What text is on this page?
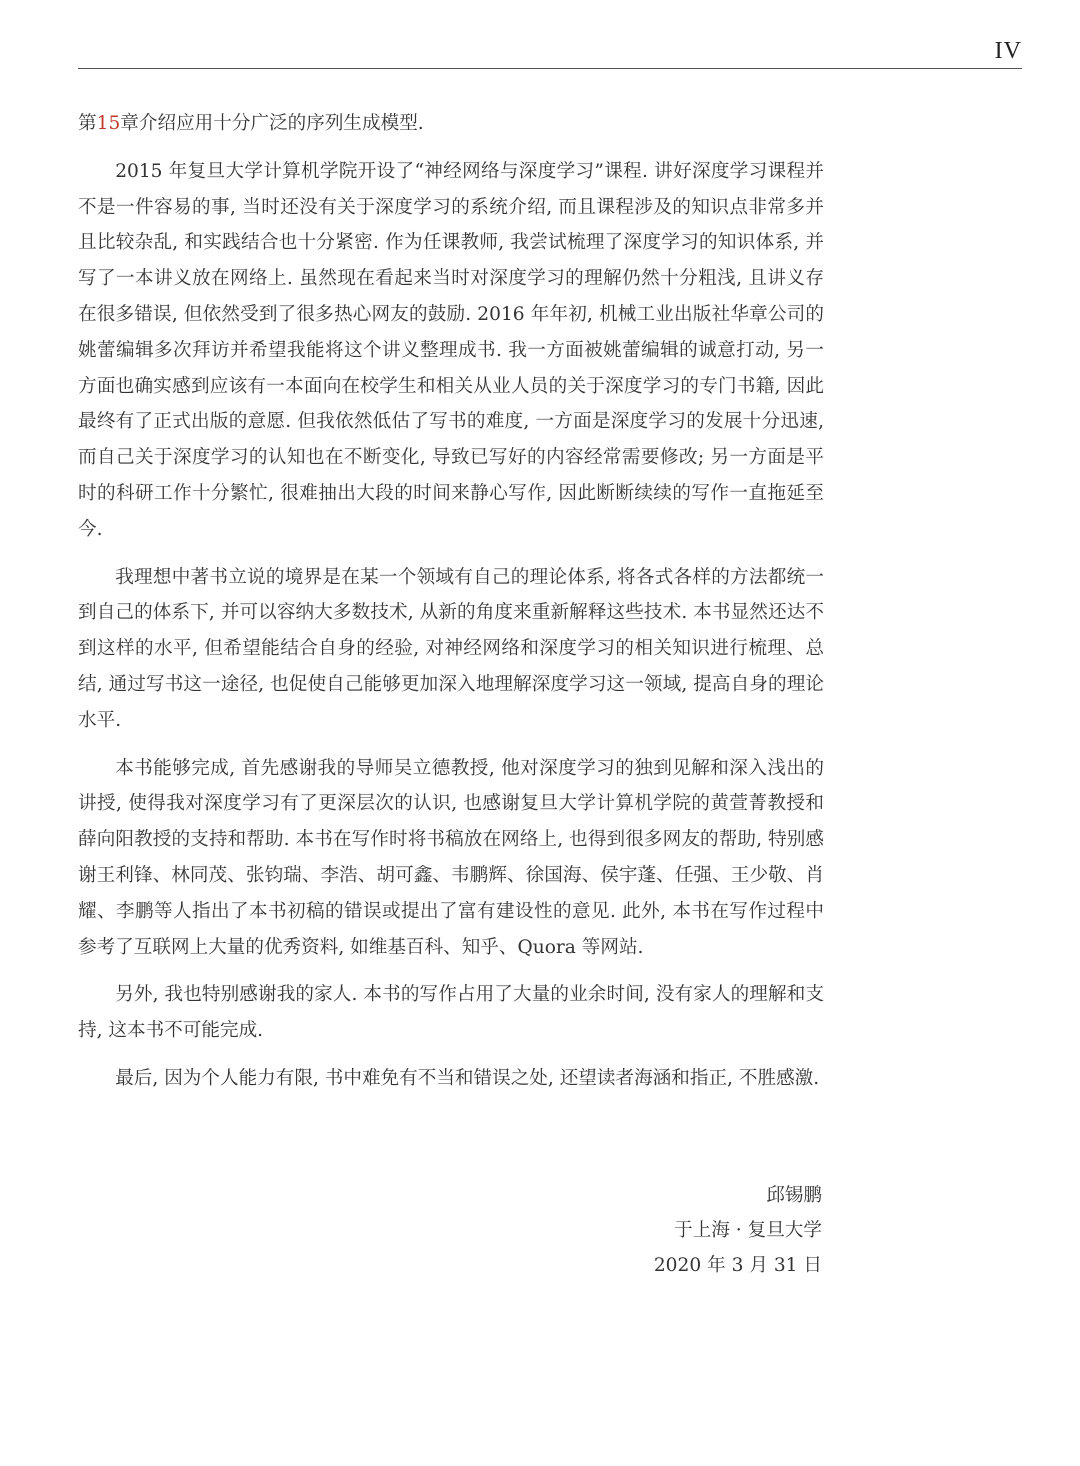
IV

第15章介绍应用十分广泛的序列生成模型.

2015 年复旦大学计算机学院开设了“神经网络与深度学习”课程. 讲好深度学习课程并不是一件容易的事, 当时还没有关于深度学习的系统介绍, 而且课程涉及的知识点非常多并且比较杂乱, 和实践结合也十分紧密. 作为任课教师, 我尝试梳理了深度学习的知识体系, 并写了一本讲义放在网络上. 虽然现在看起来当时对深度学习的理解仍然十分粗浅, 且讲义存在很多错误, 但依然受到了很多热心网友的鼓励. 2016 年年初, 机械工业出版社华章公司的姚蕾编辑多次拜访并希望我能将这个讲义整理成书. 我一方面被姚蕾编辑的诚意打动, 另一方面也确实感到应该有一本面向在校学生和相关从业人员的关于深度学习的专门书籍, 因此最终有了正式出版的意愿. 但我依然低估了写书的难度, 一方面是深度学习的发展十分迅速, 而自己关于深度学习的认知也在不断变化, 导致已写好的内容经常需要修改; 另一方面是平时的科研工作十分繁忙, 很难抽出大段的时间来静心写作, 因此断断续续的写作一直拖延至今.

我理想中著书立说的境界是在某一个领域有自己的理论体系, 将各式各样的方法都统一到自己的体系下, 并可以容纳大多数技术, 从新的角度来重新解释这些技术. 本书显然还达不到这样的水平, 但希望能结合自身的经验, 对神经网络和深度学习的相关知识进行梳理、总结, 通过写书这一途径, 也促使自己能够更加深入地理解深度学习这一领域, 提高自身的理论水平.

本书能够完成, 首先感谢我的导师吴立德教授, 他对深度学习的独到见解和深入浅出的讲授, 使得我对深度学习有了更深层次的认识, 也感谢复旦大学计算机学院的黄萱菁教授和薛向阳教授的支持和帮助. 本书在写作时将书稿放在网络上, 也得到很多网友的帮助, 特别感谢王利锋、林同茂、张钧瑞、李浩、胡可鑫、韦鹏辉、徐国海、侯宇蓬、任强、王少敬、肖耀、李鹏等人指出了本书初稿的错误或提出了富有建设性的意见. 此外, 本书在写作过程中参考了互联网上大量的优秀资料, 如维基百科、知乎、Quora 等网站.

另外, 我也特别感谢我的家人. 本书的写作占用了大量的业余时间, 没有家人的理解和支持, 这本书不可能完成.

最后, 因为个人能力有限, 书中难免有不当和错误之处, 还望读者海涵和指正, 不胜感激.

邱锡鹏
于上海 · 复旦大学
2020 年 3 月 31 日
